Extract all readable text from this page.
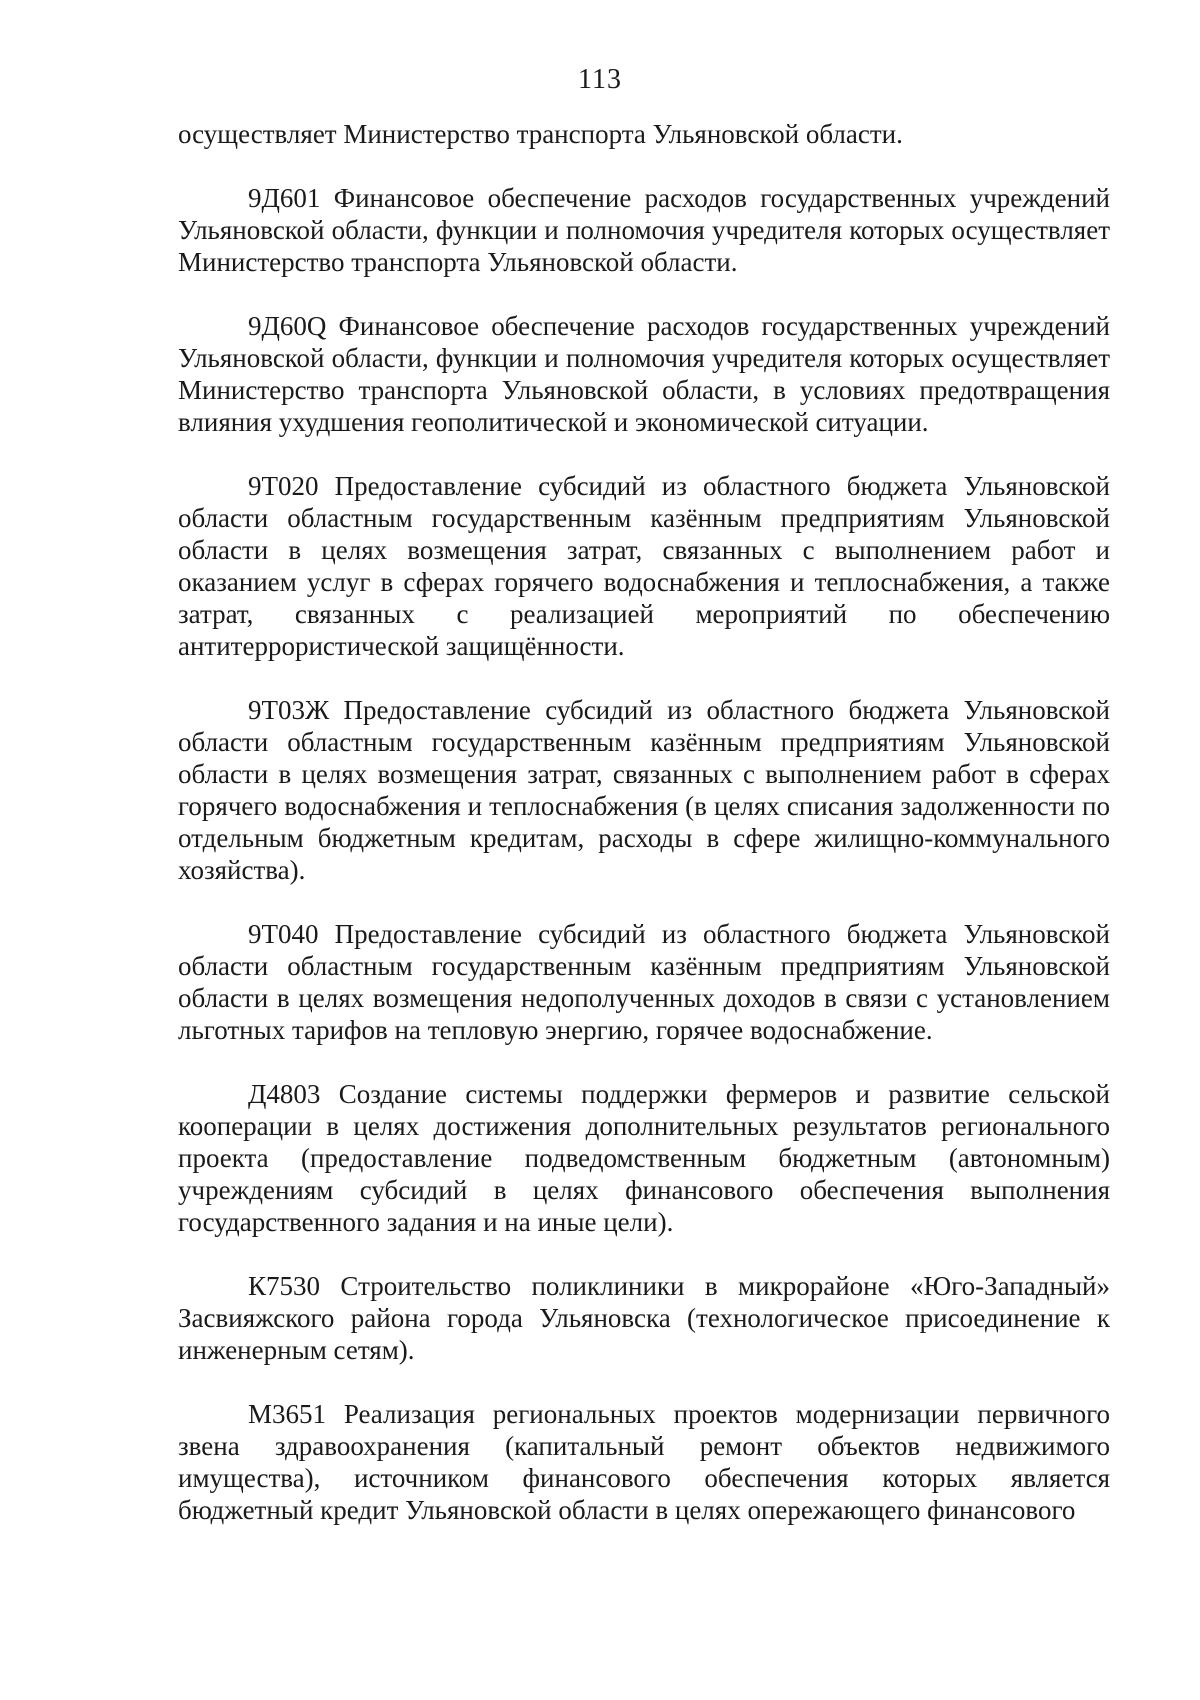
113

осуществляет Министерство транспорта Ульяновской области.

9Д601 Финансовое обеспечение расходов государственных учреждений Ульяновской области, функции и полномочия учредителя которых осуществляет Министерство транспорта Ульяновской области.

9Д60Q Финансовое обеспечение расходов государственных учреждений Ульяновской области, функции и полномочия учредителя которых осуществляет Министерство транспорта Ульяновской области, в условиях предотвращения влияния ухудшения геополитической и экономической ситуации.

9Т020 Предоставление субсидий из областного бюджета Ульяновской области областным государственным казённым предприятиям Ульяновской области в целях возмещения затрат, связанных с выполнением работ и оказанием услуг в сферах горячего водоснабжения и теплоснабжения, а также затрат, связанных с реализацией мероприятий по обеспечению антитеррористической защищённости.

9Т03Ж Предоставление субсидий из областного бюджета Ульяновской области областным государственным казённым предприятиям Ульяновской области в целях возмещения затрат, связанных с выполнением работ в сферах горячего водоснабжения и теплоснабжения (в целях списания задолженности по отдельным бюджетным кредитам, расходы в сфере жилищно-коммунального хозяйства).

9Т040 Предоставление субсидий из областного бюджета Ульяновской области областным государственным казённым предприятиям Ульяновской области в целях возмещения недополученных доходов в связи с установлением льготных тарифов на тепловую энергию, горячее водоснабжение.

Д4803 Создание системы поддержки фермеров и развитие сельской кооперации в целях достижения дополнительных результатов регионального проекта (предоставление подведомственным бюджетным (автономным) учреждениям субсидий в целях финансового обеспечения выполнения государственного задания и на иные цели).

К7530 Строительство поликлиники в микрорайоне «Юго-Западный» Засвияжского района города Ульяновска (технологическое присоединение к инженерным сетям).

М3651 Реализация региональных проектов модернизации первичного звена здравоохранения (капитальный ремонт объектов недвижимого имущества), источником финансового обеспечения которых является бюджетный кредит Ульяновской области в целях опережающего финансового
